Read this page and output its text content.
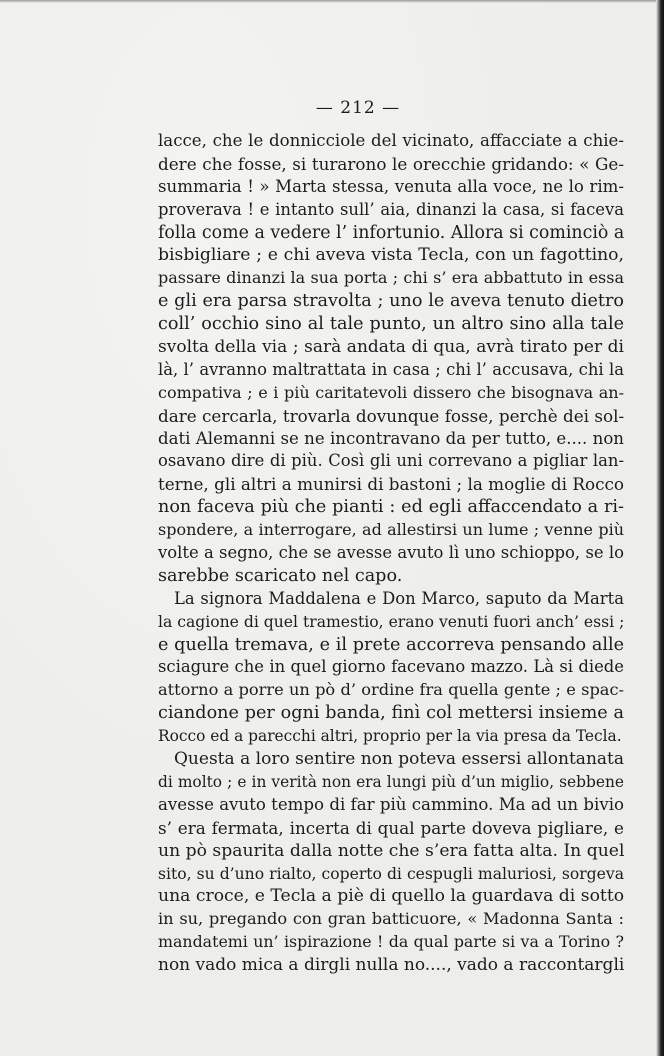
— 212 —
lacce, che le donnicciole del vicinato, affacciate a chie-
dere che fosse, si turarono le orecchie gridando: « Ge-
summaria ! » Marta stessa, venuta alla voce, ne lo rim-
proverava ! e intanto sull’ aia, dinanzi la casa, si faceva
folla come a vedere l’ infortunio. Allora si cominciò a
bisbigliare ; e chi aveva vista Tecla, con un fagottino,
passare dinanzi la sua porta ; chi s’ era abbattuto in essa
e gli era parsa stravolta ; uno le aveva tenuto dietro
coll’ occhio sino al tale punto, un altro sino alla tale
svolta della via ; sarà andata di qua, avrà tirato per di
là, l’ avranno maltrattata in casa ; chi l’ accusava, chi la
compativa ; e i più caritatevoli dissero che bisognava an-
dare cercarla, trovarla dovunque fosse, perchè dei sol-
dati Alemanni se ne incontravano da per tutto, e.... non
osavano dire di più. Così gli uni correvano a pigliar lan-
terne, gli altri a munirsi di bastoni ; la moglie di Rocco
non faceva più che pianti : ed egli affaccendato a ri-
spondere, a interrogare, ad allestirsi un lume ; venne più
volte a segno, che se avesse avuto lì uno schioppo, se lo
sarebbe scaricato nel capo.
La signora Maddalena e Don Marco, saputo da Marta
la cagione di quel tramestio, erano venuti fuori anch’ essi ;
e quella tremava, e il prete accorreva pensando alle
sciagure che in quel giorno facevano mazzo. Là si diede
attorno a porre un pò d’ ordine fra quella gente ; e spac-
ciandone per ogni banda, finì col mettersi insieme a
Rocco ed a parecchi altri, proprio per la via presa da Tecla.
Questa a loro sentire non poteva essersi allontanata
di molto ; e in verità non era lungi più d’un miglio, sebbene
avesse avuto tempo di far più cammino. Ma ad un bivio
s’ era fermata, incerta di qual parte doveva pigliare, e
un pò spaurita dalla notte che s’era fatta alta. In quel
sito, su d’uno rialto, coperto di cespugli maluriosi, sorgeva
una croce, e Tecla a piè di quello la guardava di sotto
in su, pregando con gran batticuore, « Madonna Santa :
mandatemi un’ ispirazione ! da qual parte si va a Torino ?
non vado mica a dirgli nulla no...., vado a raccontargli
